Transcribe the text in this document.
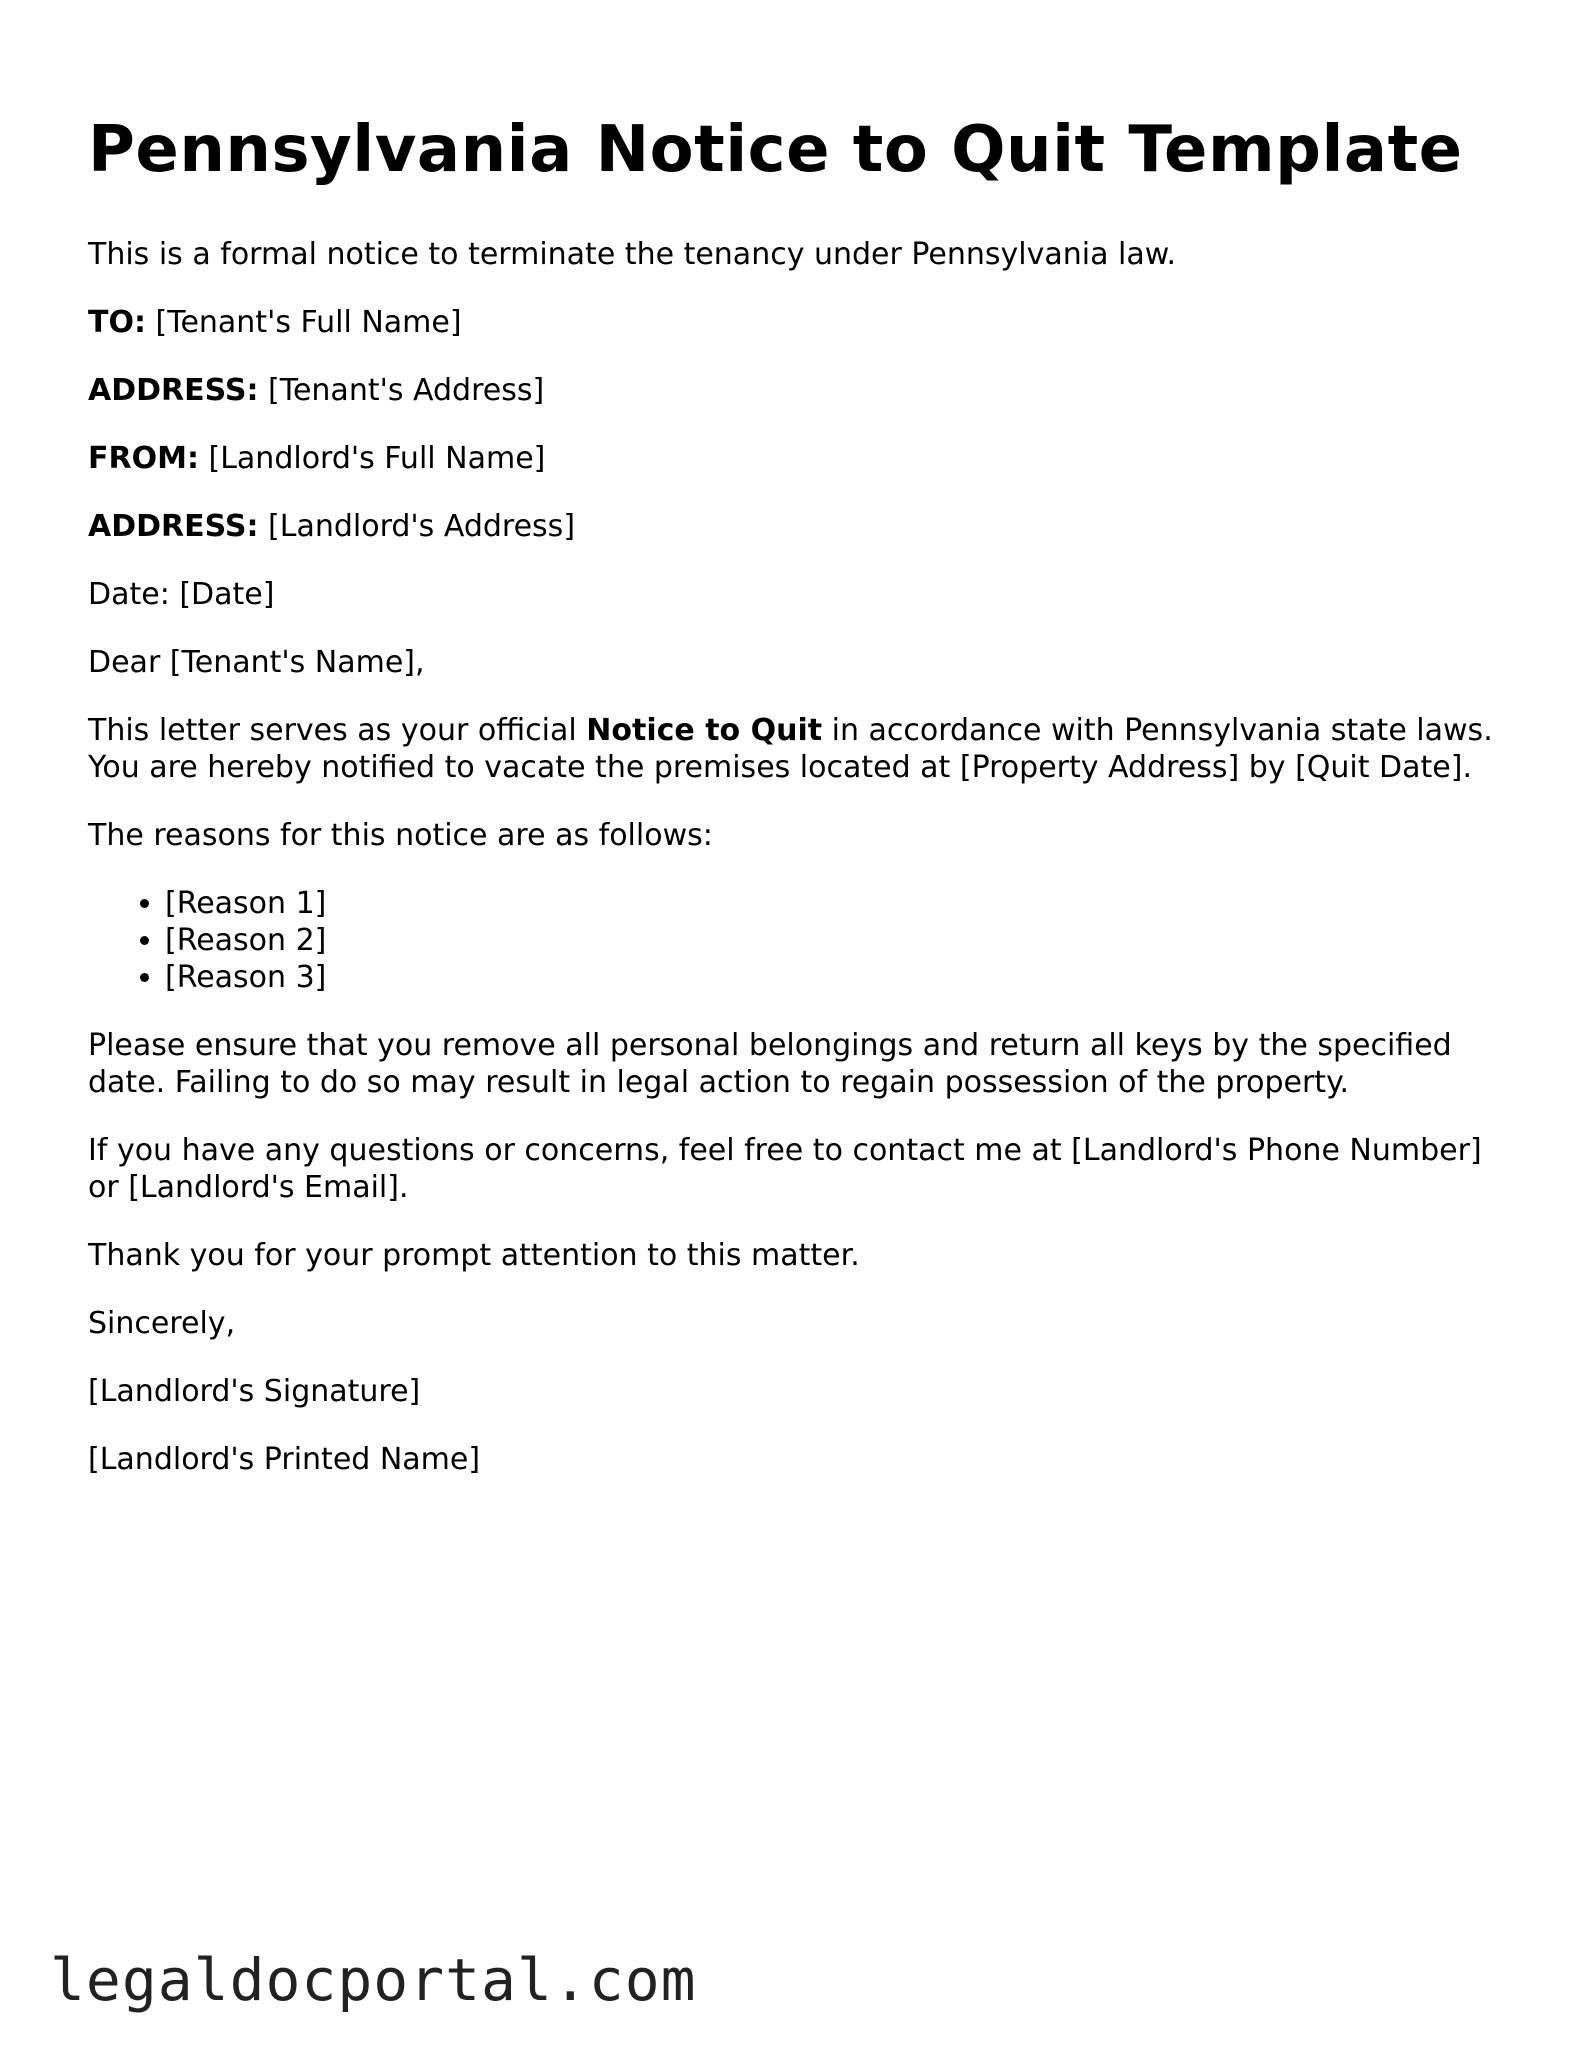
Pennsylvania Notice to Quit Template

This is a formal notice to terminate the tenancy under Pennsylvania law.

TO: [Tenant's Full Name]

ADDRESS: [Tenant's Address]

FROM: [Landlord's Full Name]

ADDRESS: [Landlord's Address]

Date: [Date]

Dear [Tenant's Name],

This letter serves as your official Notice to Quit in accordance with Pennsylvania state laws. You are hereby notified to vacate the premises located at [Property Address] by [Quit Date].

The reasons for this notice are as follows:

• [Reason 1]
• [Reason 2]
• [Reason 3]

Please ensure that you remove all personal belongings and return all keys by the specified date. Failing to do so may result in legal action to regain possession of the property.

If you have any questions or concerns, feel free to contact me at [Landlord's Phone Number] or [Landlord's Email].

Thank you for your prompt attention to this matter.

Sincerely,

[Landlord's Signature]

[Landlord's Printed Name]

legaldocportal.com
